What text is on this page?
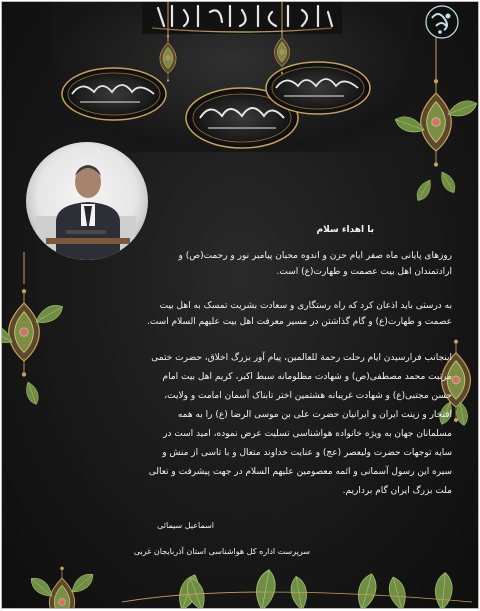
با اهداء سلام
روزهای پایانی ماه صفر ایام حزن و اندوه محبان پیامبر نور و رحمت(ص) و
ارادتمندان اهل بیت عصمت و طهارت(ع) است.
به درستی باید اذعان کرد که راه رستگاری و سعادت بشریت تمسک به اهل بیت
عصمت و طهارت(ع) و گام گذاشتن در مسیر معرفت اهل بیت علیهم السلام است.
اینجانب فرارسیدن ایام رحلت رحمة للعالمین، پیام آور بزرگ اخلاق، حضرت ختمی
مرتبت محمد مصطفی(ص) و شهادت مظلومانه سبط اکبر، کریم اهل بیت امام
حسن مجتبی(ع) و شهادت غریبانه هشتمین اختر تابناک آسمان امامت و ولایت،
افتخار و زینت ایران و ایرانیان حضرت علی بن موسی الرضا (ع) را به همه
مسلمانان جهان به ویژه خانواده هواشناسی تسلیت عرض نموده، امید است در
سایه توجهات حضرت ولیعصر (عج) و عنایت خداوند متعال و با تاسی از منش و
سیره این رسول آسمانی و ائمه معصومین علیهم السلام در جهت پیشرفت و تعالی
ملت بزرگ ایران گام برداریم.
اسماعیل سیمائی
سرپرست اداره کل هواشناسی استان آذربایجان غربی
